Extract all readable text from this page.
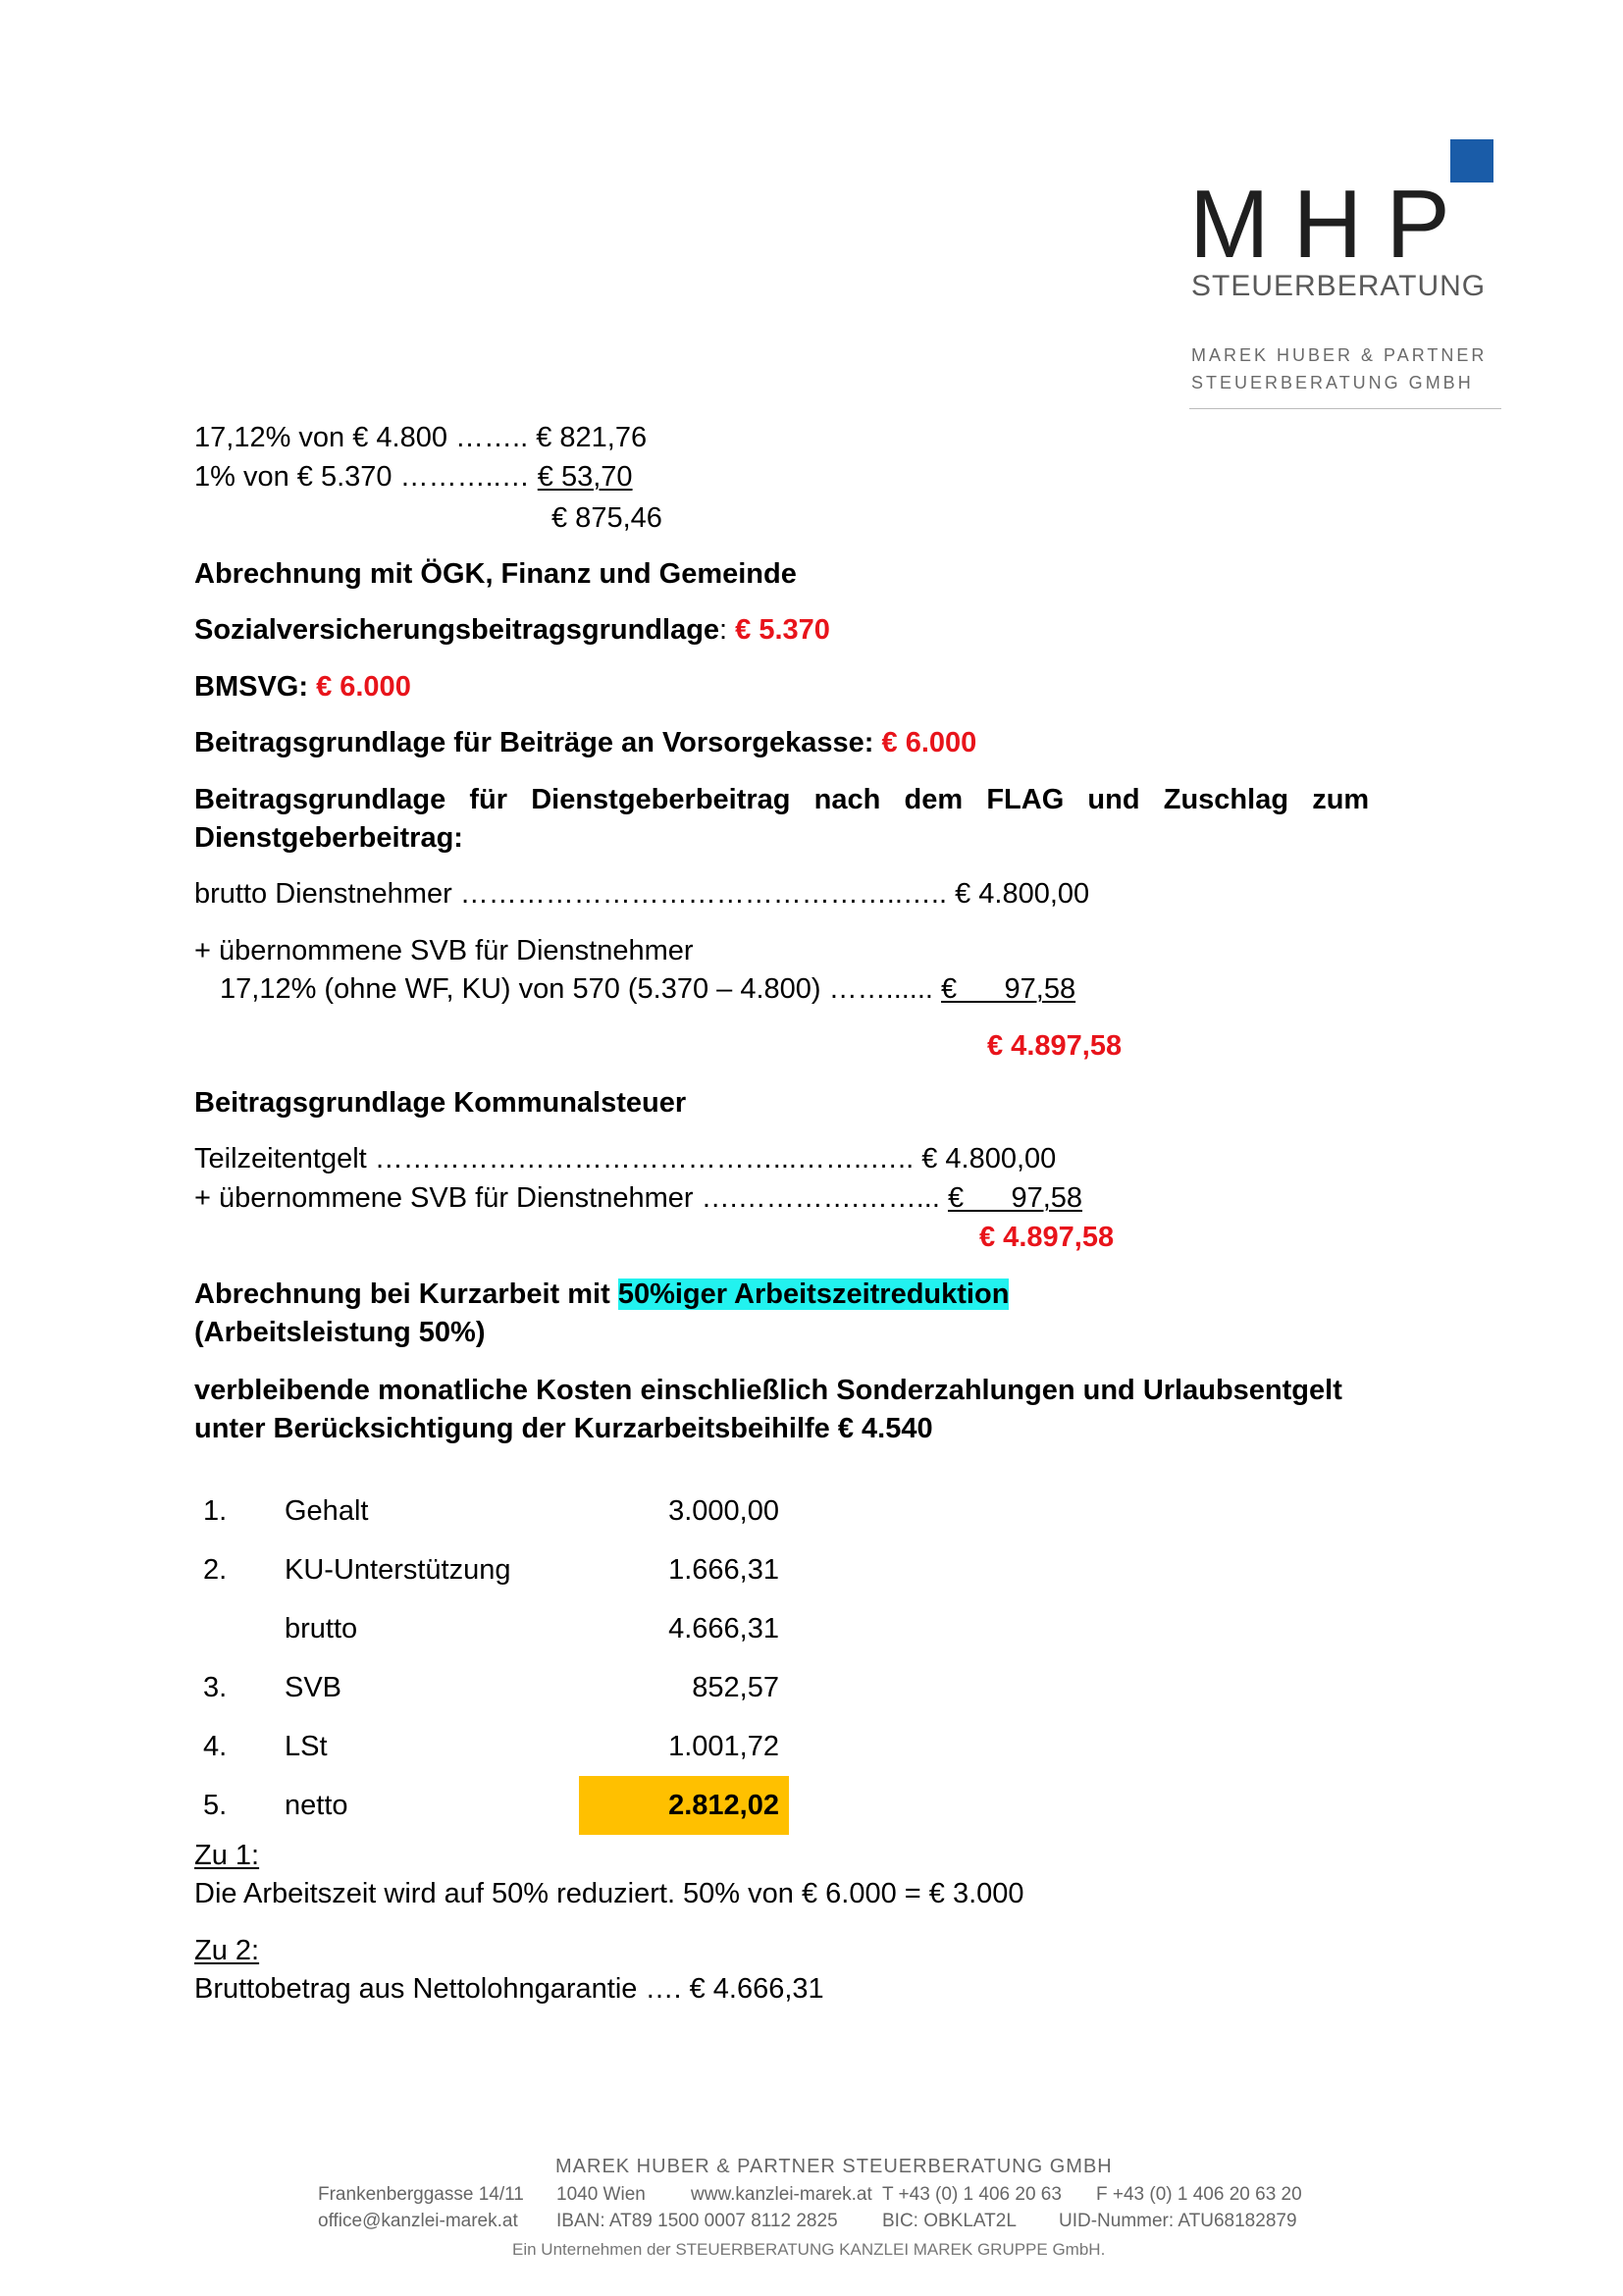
MHP
STEUERBERATUNG
MAREK HUBER & PARTNER
STEUERBERATUNG GMBH
17,12% von € 4.800 …….. € 821,76
1% von € 5.370 ………..… € 53,70
€ 875,46
Abrechnung mit ÖGK, Finanz und Gemeinde
Sozialversicherungsbeitragsgrundlage: € 5.370
BMSVG: € 6.000
Beitragsgrundlage für Beiträge an Vorsorgekasse: € 6.000
Beitragsgrundlage   für   Dienstgeberbeitrag   nach   dem   FLAG   und   Zuschlag   zum
Dienstgeberbeitrag:
brutto Dienstnehmer ………………………………………..….. € 4.800,00
+ übernommene SVB für Dienstnehmer
17,12% (ohne WF, KU) von 570 (5.370 – 4.800) ……...... €      97,58
€ 4.897,58
Beitragsgrundlage Kommunalsteuer
Teilzeitentgelt ……………………………………...……..….. € 4.800,00
+ übernommene SVB für Dienstnehmer ….………….……... €      97,58
€ 4.897,58
Abrechnung bei Kurzarbeit mit 50%iger Arbeitszeitreduktion
(Arbeitsleistung 50%)
verbleibende monatliche Kosten einschließlich Sonderzahlungen und Urlaubsentgelt
unter Berücksichtigung der Kurzarbeitsbeihilfe € 4.540
1. Gehalt	3.000,00
2. KU-Unterstützung	1.666,31
brutto	4.666,31
3. SVB	852,57
4. LSt	1.001,72
5. netto	2.812,02
Zu 1:
Die Arbeitszeit wird auf 50% reduziert. 50% von € 6.000 = € 3.000
Zu 2:
Bruttobetrag aus Nettolohngarantie …. € 4.666,31
MAREK HUBER & PARTNER STEUERBERATUNG GMBH
Frankenberggasse 14/11 1040 Wien www.kanzlei-marek.at T +43 (0) 1 406 20 63 F +43 (0) 1 406 20 63 20
office@kanzlei-marek.at IBAN: AT89 1500 0007 8112 2825 BIC: OBKLAT2L UID-Nummer: ATU68182879
Ein Unternehmen der STEUERBERATUNG KANZLEI MAREK GRUPPE GmbH.
